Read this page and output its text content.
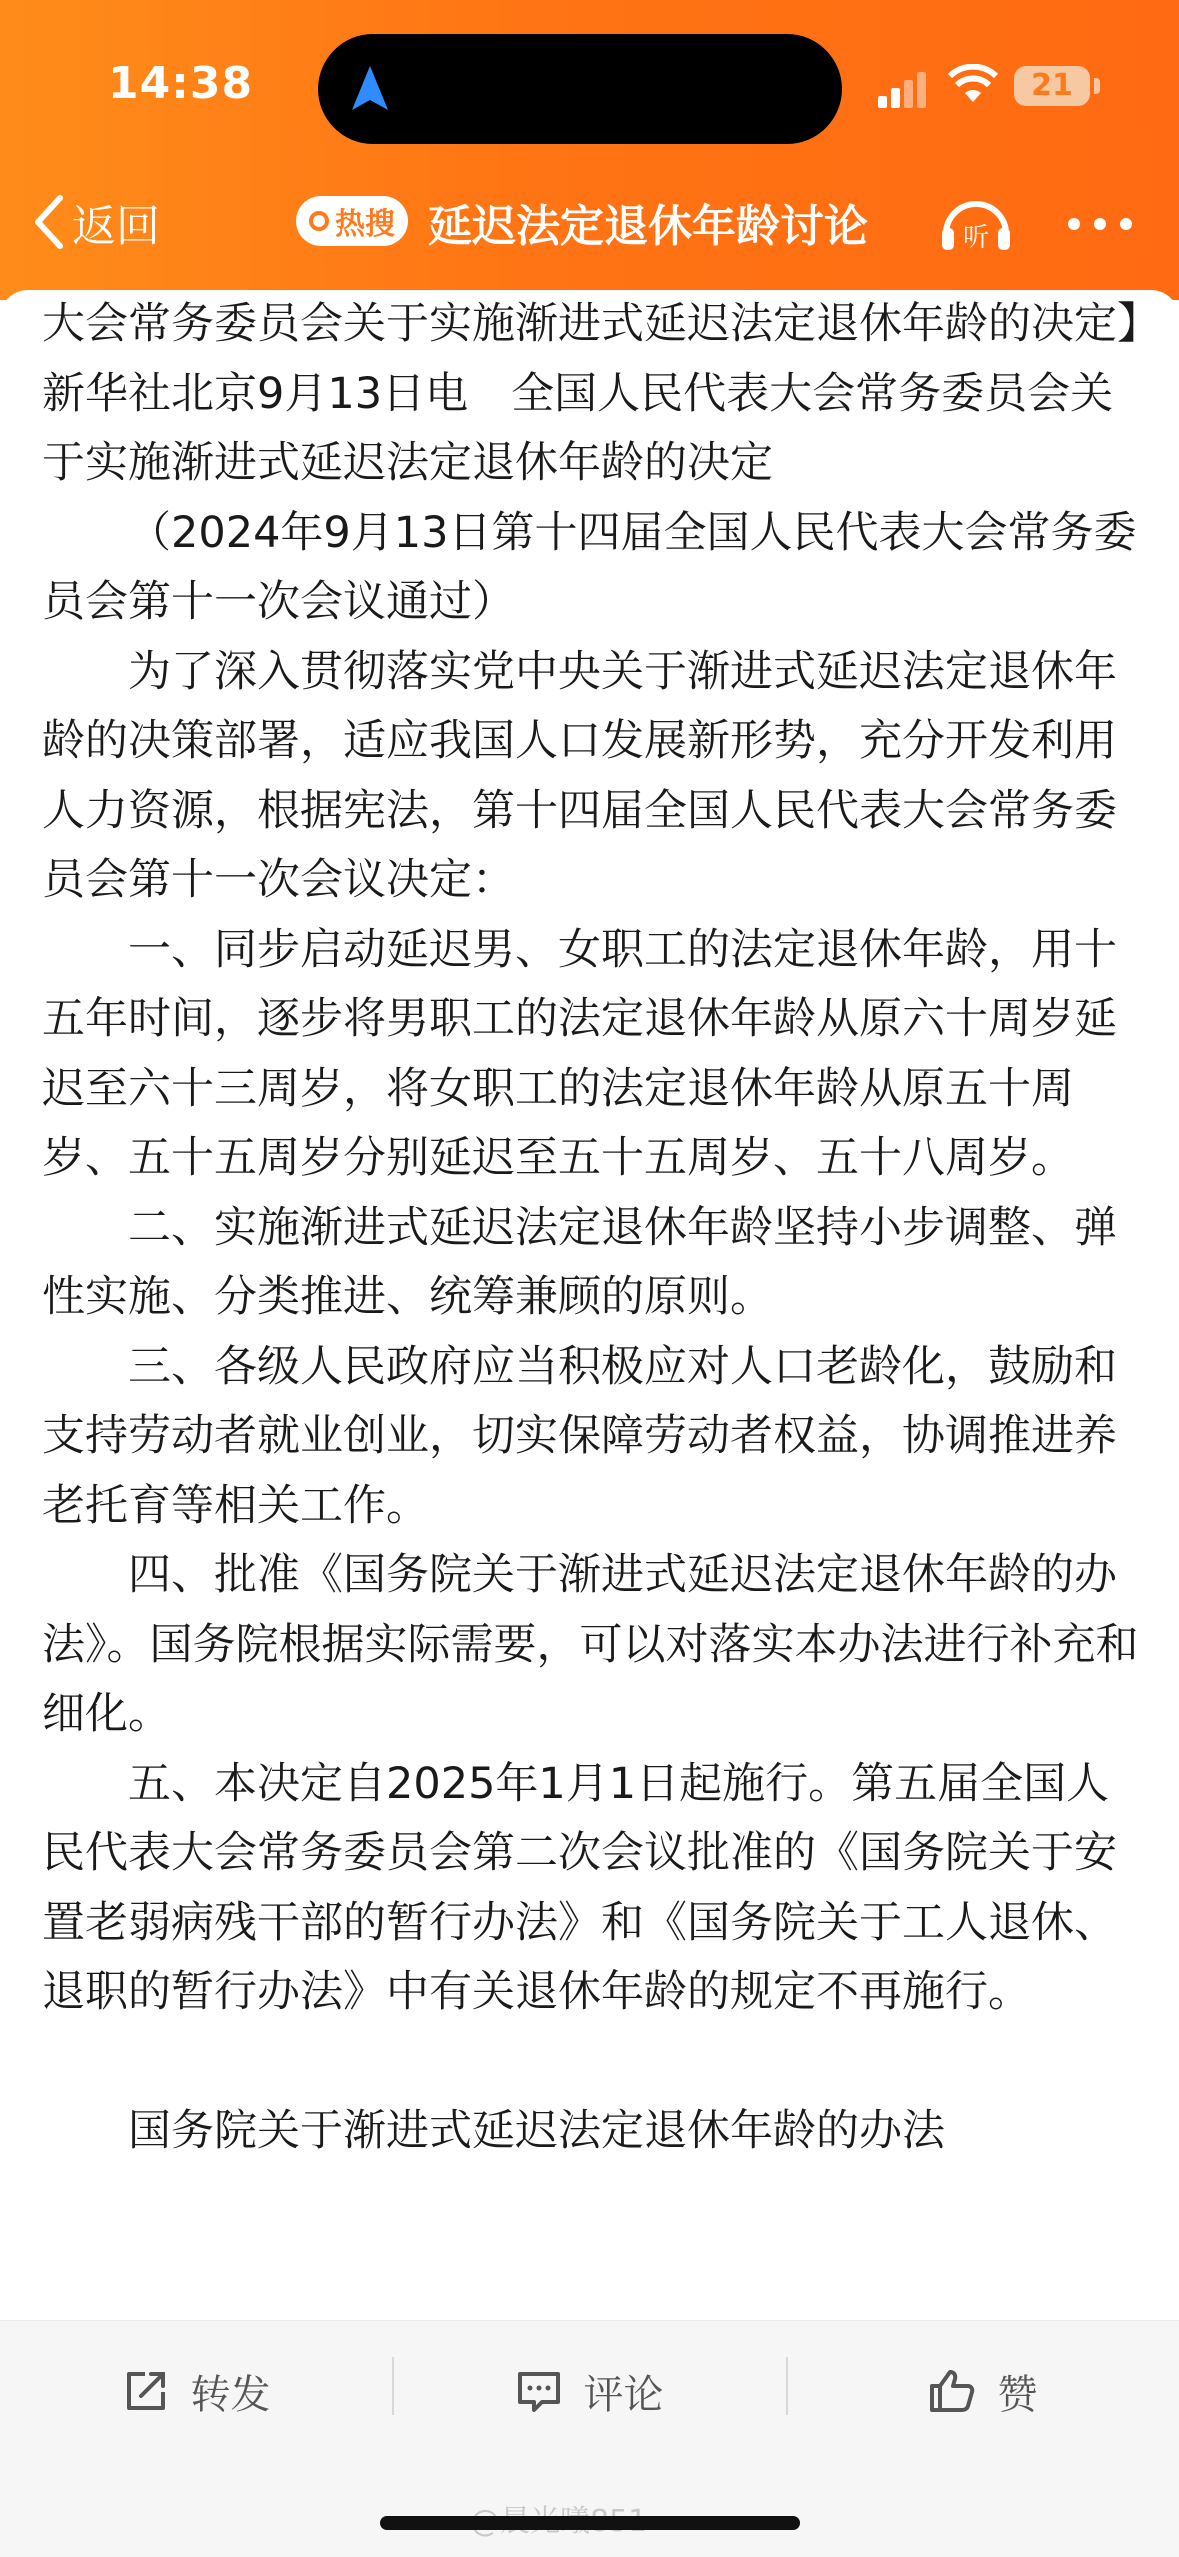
14:38	21
返回	热搜 延迟法定退休年龄讨论	听
大会常务委员会关于实施渐进式延迟法定退休年龄的决定】新华社北京9月13日电　全国人民代表大会常务委员会关于实施渐进式延迟法定退休年龄的决定
（2024年9月13日第十四届全国人民代表大会常务委员会第十一次会议通过）
为了深入贯彻落实党中央关于渐进式延迟法定退休年龄的决策部署，适应我国人口发展新形势，充分开发利用人力资源，根据宪法，第十四届全国人民代表大会常务委员会第十一次会议决定：
一、同步启动延迟男、女职工的法定退休年龄，用十五年时间，逐步将男职工的法定退休年龄从原六十周岁延迟至六十三周岁，将女职工的法定退休年龄从原五十周岁、五十五周岁分别延迟至五十五周岁、五十八周岁。
二、实施渐进式延迟法定退休年龄坚持小步调整、弹性实施、分类推进、统筹兼顾的原则。
三、各级人民政府应当积极应对人口老龄化，鼓励和支持劳动者就业创业，切实保障劳动者权益，协调推进养老托育等相关工作。
四、批准《国务院关于渐进式延迟法定退休年龄的办法》。国务院根据实际需要，可以对落实本办法进行补充和细化。
五、本决定自2025年1月1日起施行。第五届全国人民代表大会常务委员会第二次会议批准的《国务院关于安置老弱病残干部的暂行办法》和《国务院关于工人退休、退职的暂行办法》中有关退休年龄的规定不再施行。
国务院关于渐进式延迟法定退休年龄的办法
转发	评论	赞
